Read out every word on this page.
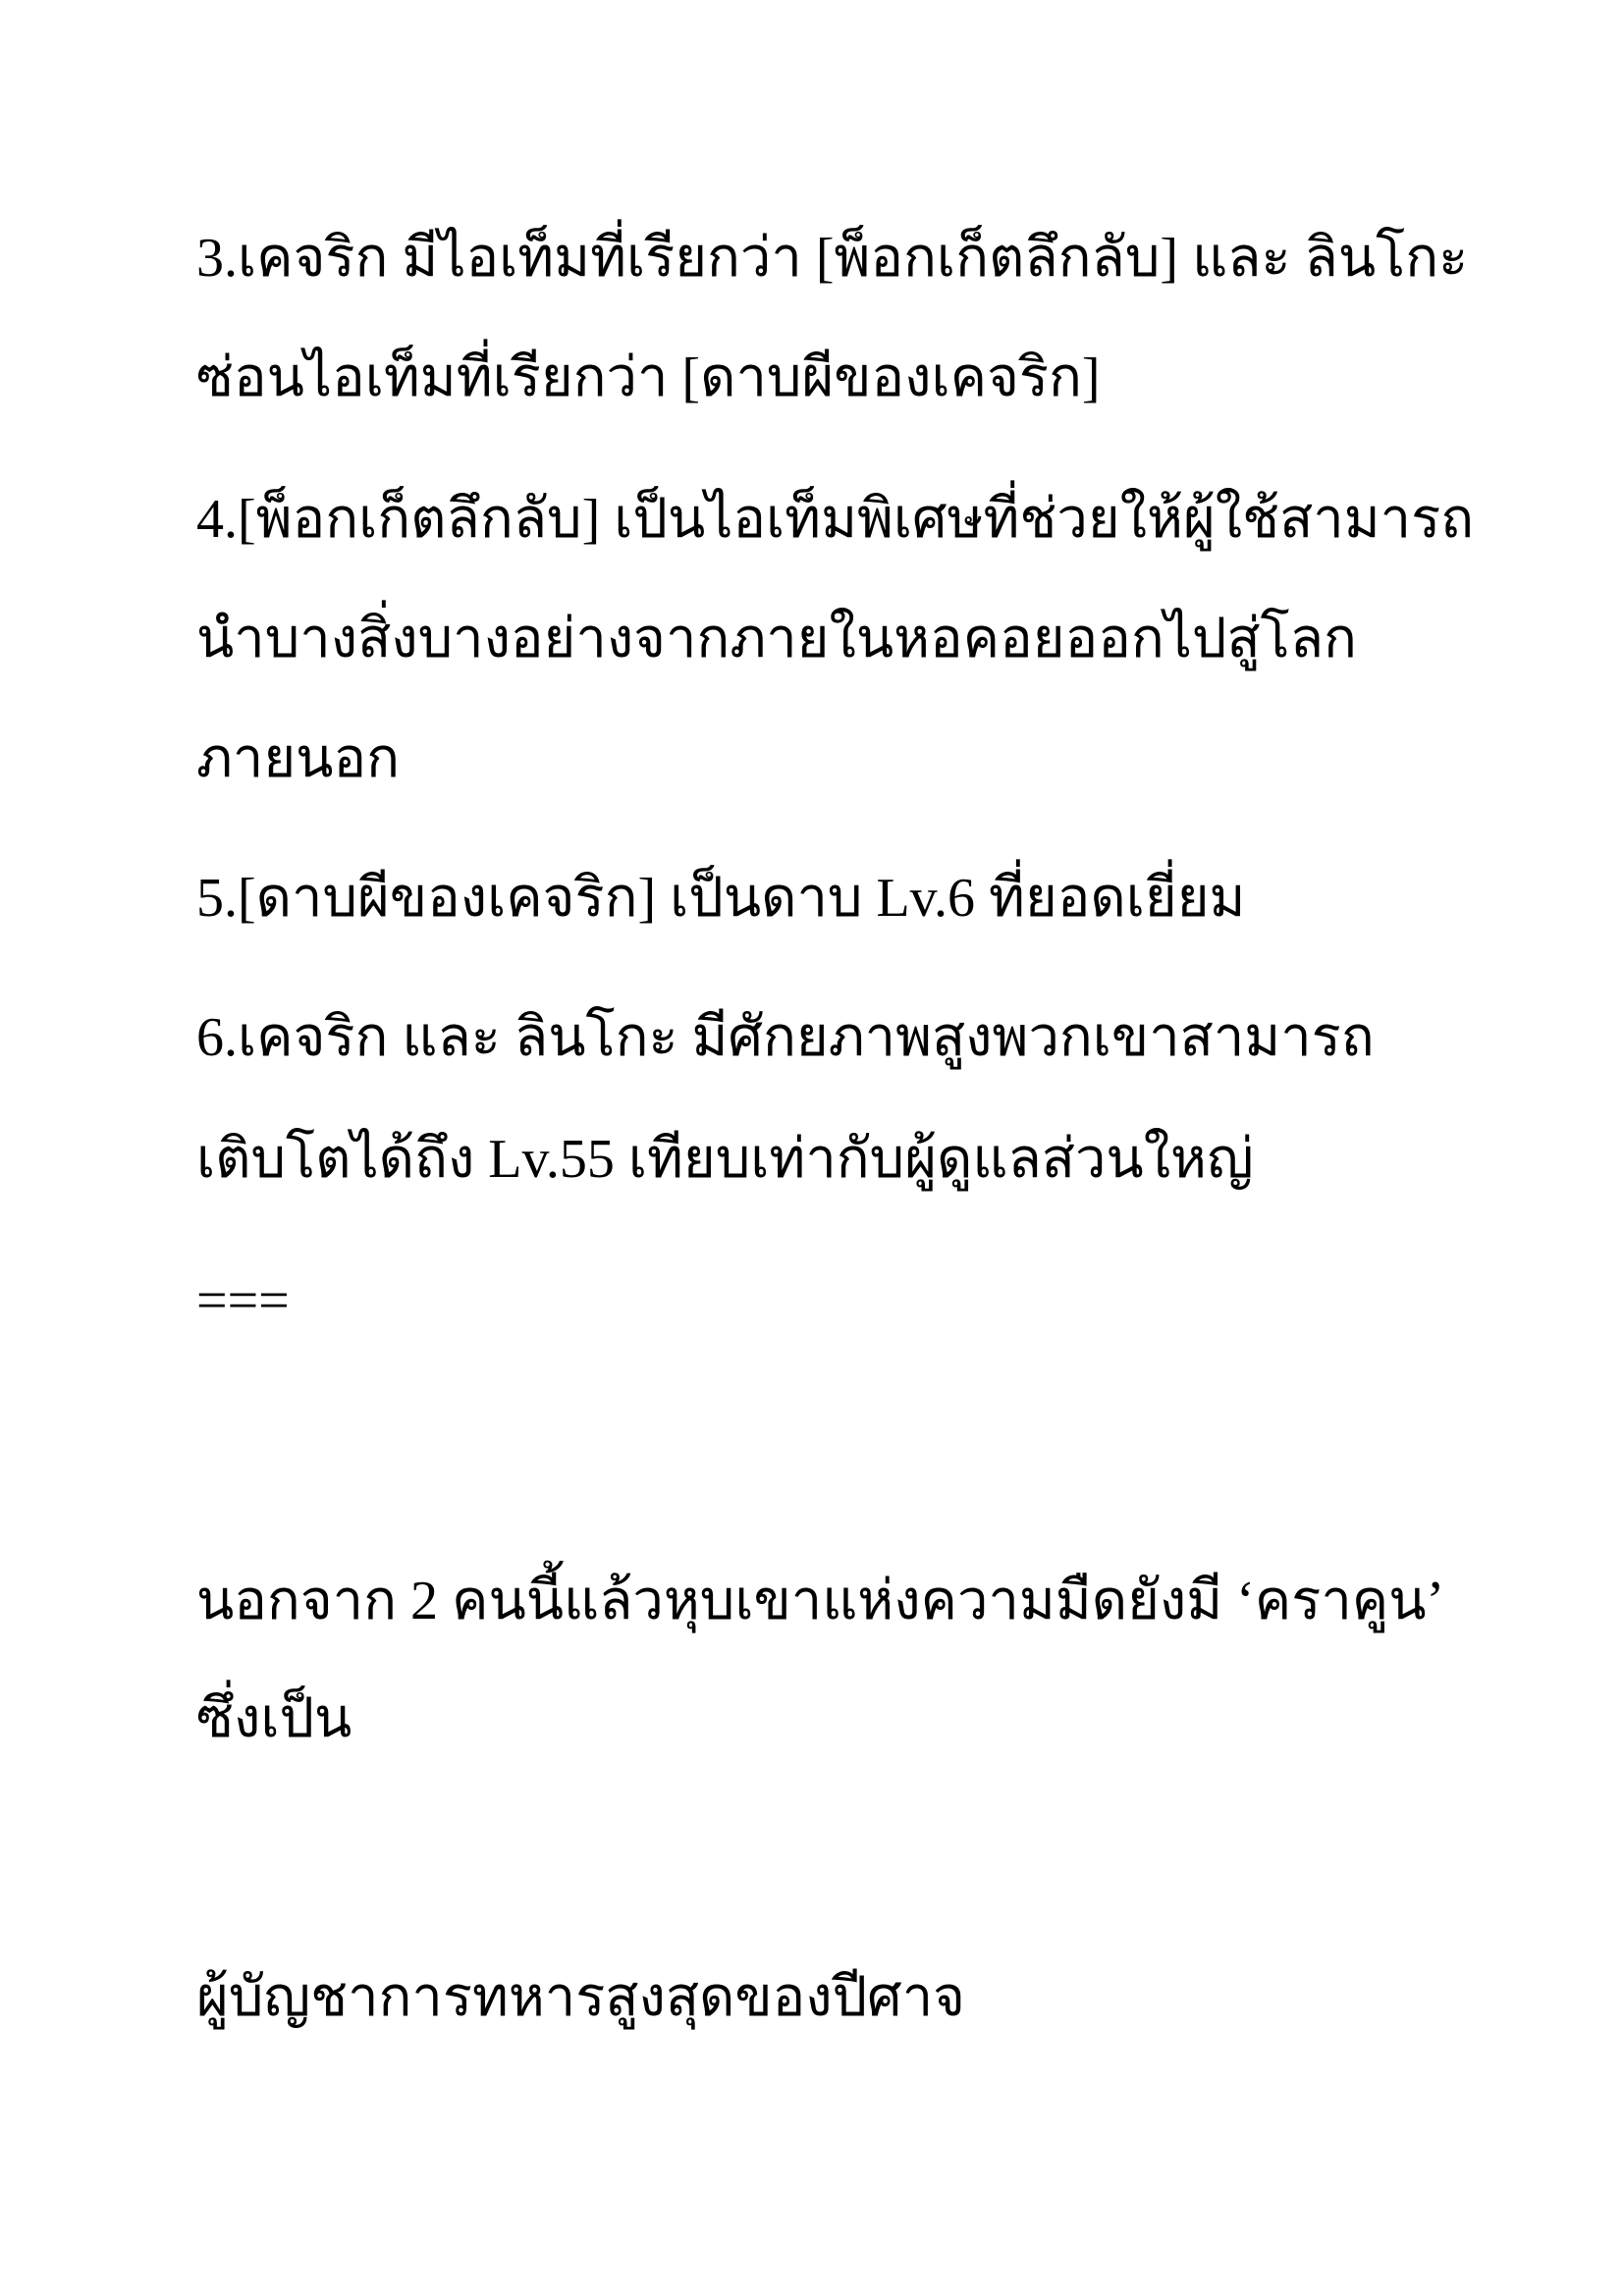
3.เคจริก มีไอเท็มที่เรียกว่า [พ็อกเก็ตลึกลับ] และ ลินโกะ
ซ่อนไอเท็มที่เรียกว่า [ดาบผีของเคจริก]
4.[พ็อกเก็ตลึกลับ] เป็นไอเท็มพิเศษที่ช่วยให้ผู้ใช้สามารถ
นำบางสิ่งบางอย่างจากภายในหอคอยออกไปสู่โลก
ภายนอก
5.[ดาบผีของเคจริก] เป็นดาบ Lv.6 ที่ยอดเยี่ยม
6.เคจริก และ ลินโกะ มีศักยภาพสูงพวกเขาสามารถ
เติบโตได้ถึง Lv.55 เทียบเท่ากับผู้ดูแลส่วนใหญ่
===
นอกจาก 2 คนนี้แล้วหุบเขาแห่งความมืดยังมี ‘คราคูน’
ซึ่งเป็น
ผู้บัญชาการทหารสูงสุดของปีศาจ
